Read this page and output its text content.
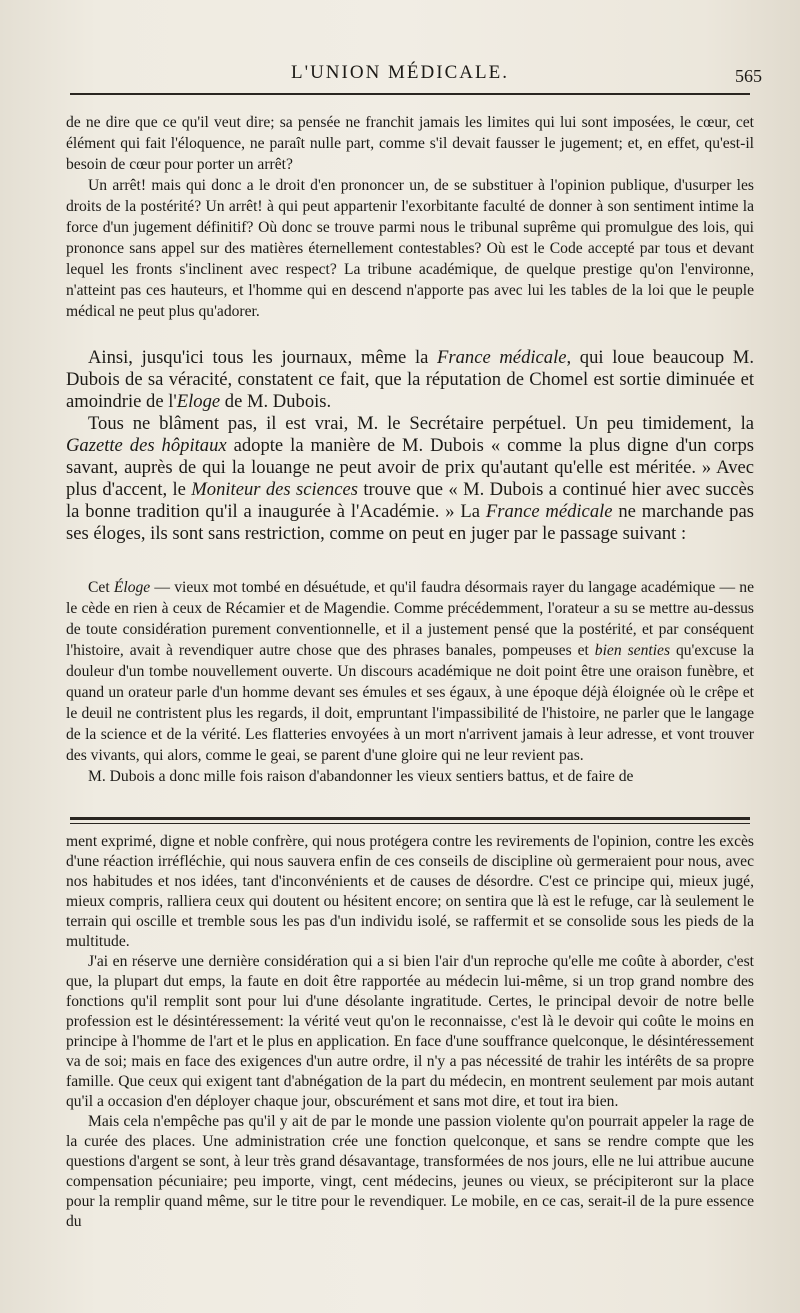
L'UNION MÉDICALE.	565

de ne dire que ce qu'il veut dire; sa pensée ne franchit jamais les limites qui lui sont imposées, le cœur, cet élément qui fait l'éloquence, ne paraît nulle part, comme s'il devait fausser le jugement; et, en effet, qu'est-il besoin de cœur pour porter un arrêt?

Un arrêt! mais qui donc a le droit d'en prononcer un, de se substituer à l'opinion publique, d'usurper les droits de la postérité? Un arrêt! à qui peut appartenir l'exorbitante faculté de donner à son sentiment intime la force d'un jugement définitif? Où donc se trouve parmi nous le tribunal suprême qui promulgue des lois, qui prononce sans appel sur des matières éternellement contestables? Où est le Code accepté par tous et devant lequel les fronts s'inclinent avec respect? La tribune académique, de quelque prestige qu'on l'environne, n'atteint pas ces hauteurs, et l'homme qui en descend n'apporte pas avec lui les tables de la loi que le peuple médical ne peut plus qu'adorer.

Ainsi, jusqu'ici tous les journaux, même la France médicale, qui loue beaucoup M. Dubois de sa véracité, constatent ce fait, que la réputation de Chomel est sortie diminuée et amoindrie de l'Eloge de M. Dubois.

Tous ne blâment pas, il est vrai, M. le Secrétaire perpétuel. Un peu timidement, la Gazette des hôpitaux adopte la manière de M. Dubois « comme la plus digne d'un corps savant, auprès de qui la louange ne peut avoir de prix qu'autant qu'elle est méritée. » Avec plus d'accent, le Moniteur des sciences trouve que « M. Dubois a continué hier avec succès la bonne tradition qu'il a inaugurée à l'Académie. » La France médicale ne marchande pas ses éloges, ils sont sans restriction, comme on peut en juger par le passage suivant :

Cet Éloge — vieux mot tombé en désuétude, et qu'il faudra désormais rayer du langage académique — ne le cède en rien à ceux de Récamier et de Magendie. Comme précédemment, l'orateur a su se mettre au-dessus de toute considération purement conventionnelle, et il a justement pensé que la postérité, et par conséquent l'histoire, avait à revendiquer autre chose que des phrases banales, pompeuses et bien senties qu'excuse la douleur d'un tombe nouvellement ouverte. Un discours académique ne doit point être une oraison funèbre, et quand un orateur parle d'un homme devant ses émules et ses égaux, à une époque déjà éloignée où le crêpe et le deuil ne contristent plus les regards, il doit, empruntant l'impassibilité de l'histoire, ne parler que le langage de la science et de la vérité. Les flatteries envoyées à un mort n'arrivent jamais à leur adresse, et vont trouver des vivants, qui alors, comme le geai, se parent d'une gloire qui ne leur revient pas.

M. Dubois a donc mille fois raison d'abandonner les vieux sentiers battus, et de faire de

ment exprimé, digne et noble confrère, qui nous protégera contre les revirements de l'opinion, contre les excès d'une réaction irréfléchie, qui nous sauvera enfin de ces conseils de discipline où germeraient pour nous, avec nos habitudes et nos idées, tant d'inconvénients et de causes de désordre. C'est ce principe qui, mieux jugé, mieux compris, ralliera ceux qui doutent ou hésitent encore; on sentira que là est le refuge, car là seulement le terrain qui oscille et tremble sous les pas d'un individu isolé, se raffermit et se consolide sous les pieds de la multitude.

J'ai en réserve une dernière considération qui a si bien l'air d'un reproche qu'elle me coûte à aborder, c'est que, la plupart dut emps, la faute en doit être rapportée au médecin lui-même, si un trop grand nombre des fonctions qu'il remplit sont pour lui d'une désolante ingratitude. Certes, le principal devoir de notre belle profession est le désintéressement: la vérité veut qu'on le reconnaisse, c'est là le devoir qui coûte le moins en principe à l'homme de l'art et le plus en application. En face d'une souffrance quelconque, le désintéressement va de soi; mais en face des exigences d'un autre ordre, il n'y a pas nécessité de trahir les intérêts de sa propre famille. Que ceux qui exigent tant d'abnégation de la part du médecin, en montrent seulement par mois autant qu'il a occasion d'en déployer chaque jour, obscurément et sans mot dire, et tout ira bien.

Mais cela n'empêche pas qu'il y ait de par le monde une passion violente qu'on pourrait appeler la rage de la curée des places. Une administration crée une fonction quelconque, et sans se rendre compte que les questions d'argent se sont, à leur très grand désavantage, transformées de nos jours, elle ne lui attribue aucune compensation pécuniaire; peu importe, vingt, cent médecins, jeunes ou vieux, se précipiteront sur la place pour la remplir quand même, sur le titre pour le revendiquer. Le mobile, en ce cas, serait-il de la pure essence du
